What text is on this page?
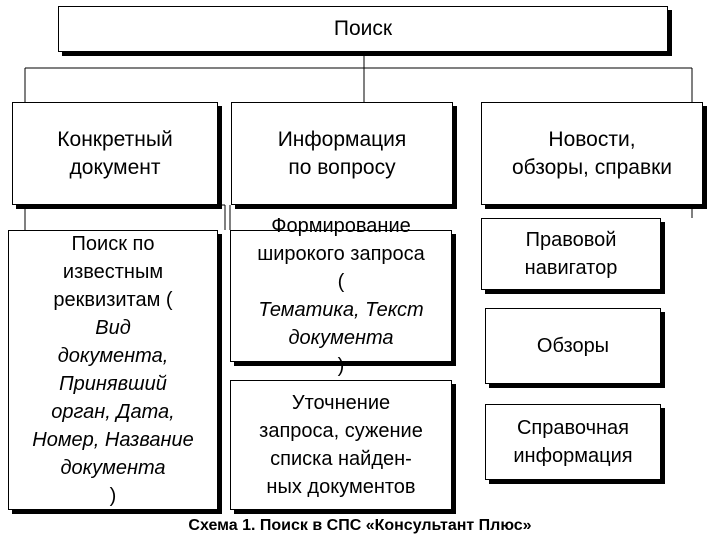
Поиск
Конкретный
документ
Информация
по вопросу
Новости,
обзоры, справки
Поиск по
известным
реквизитам (
Вид
документа,
Принявший
орган, Дата,
Номер, Название
документа
)
Формирование
широкого запроса
(
Тематика, Текст
документа
)
Уточнение
запроса, сужение
списка найден-
ных документов
Правовой
навигатор
Обзоры
Справочная
информация
Схема 1. Поиск в СПС «Консультант Плюс»
